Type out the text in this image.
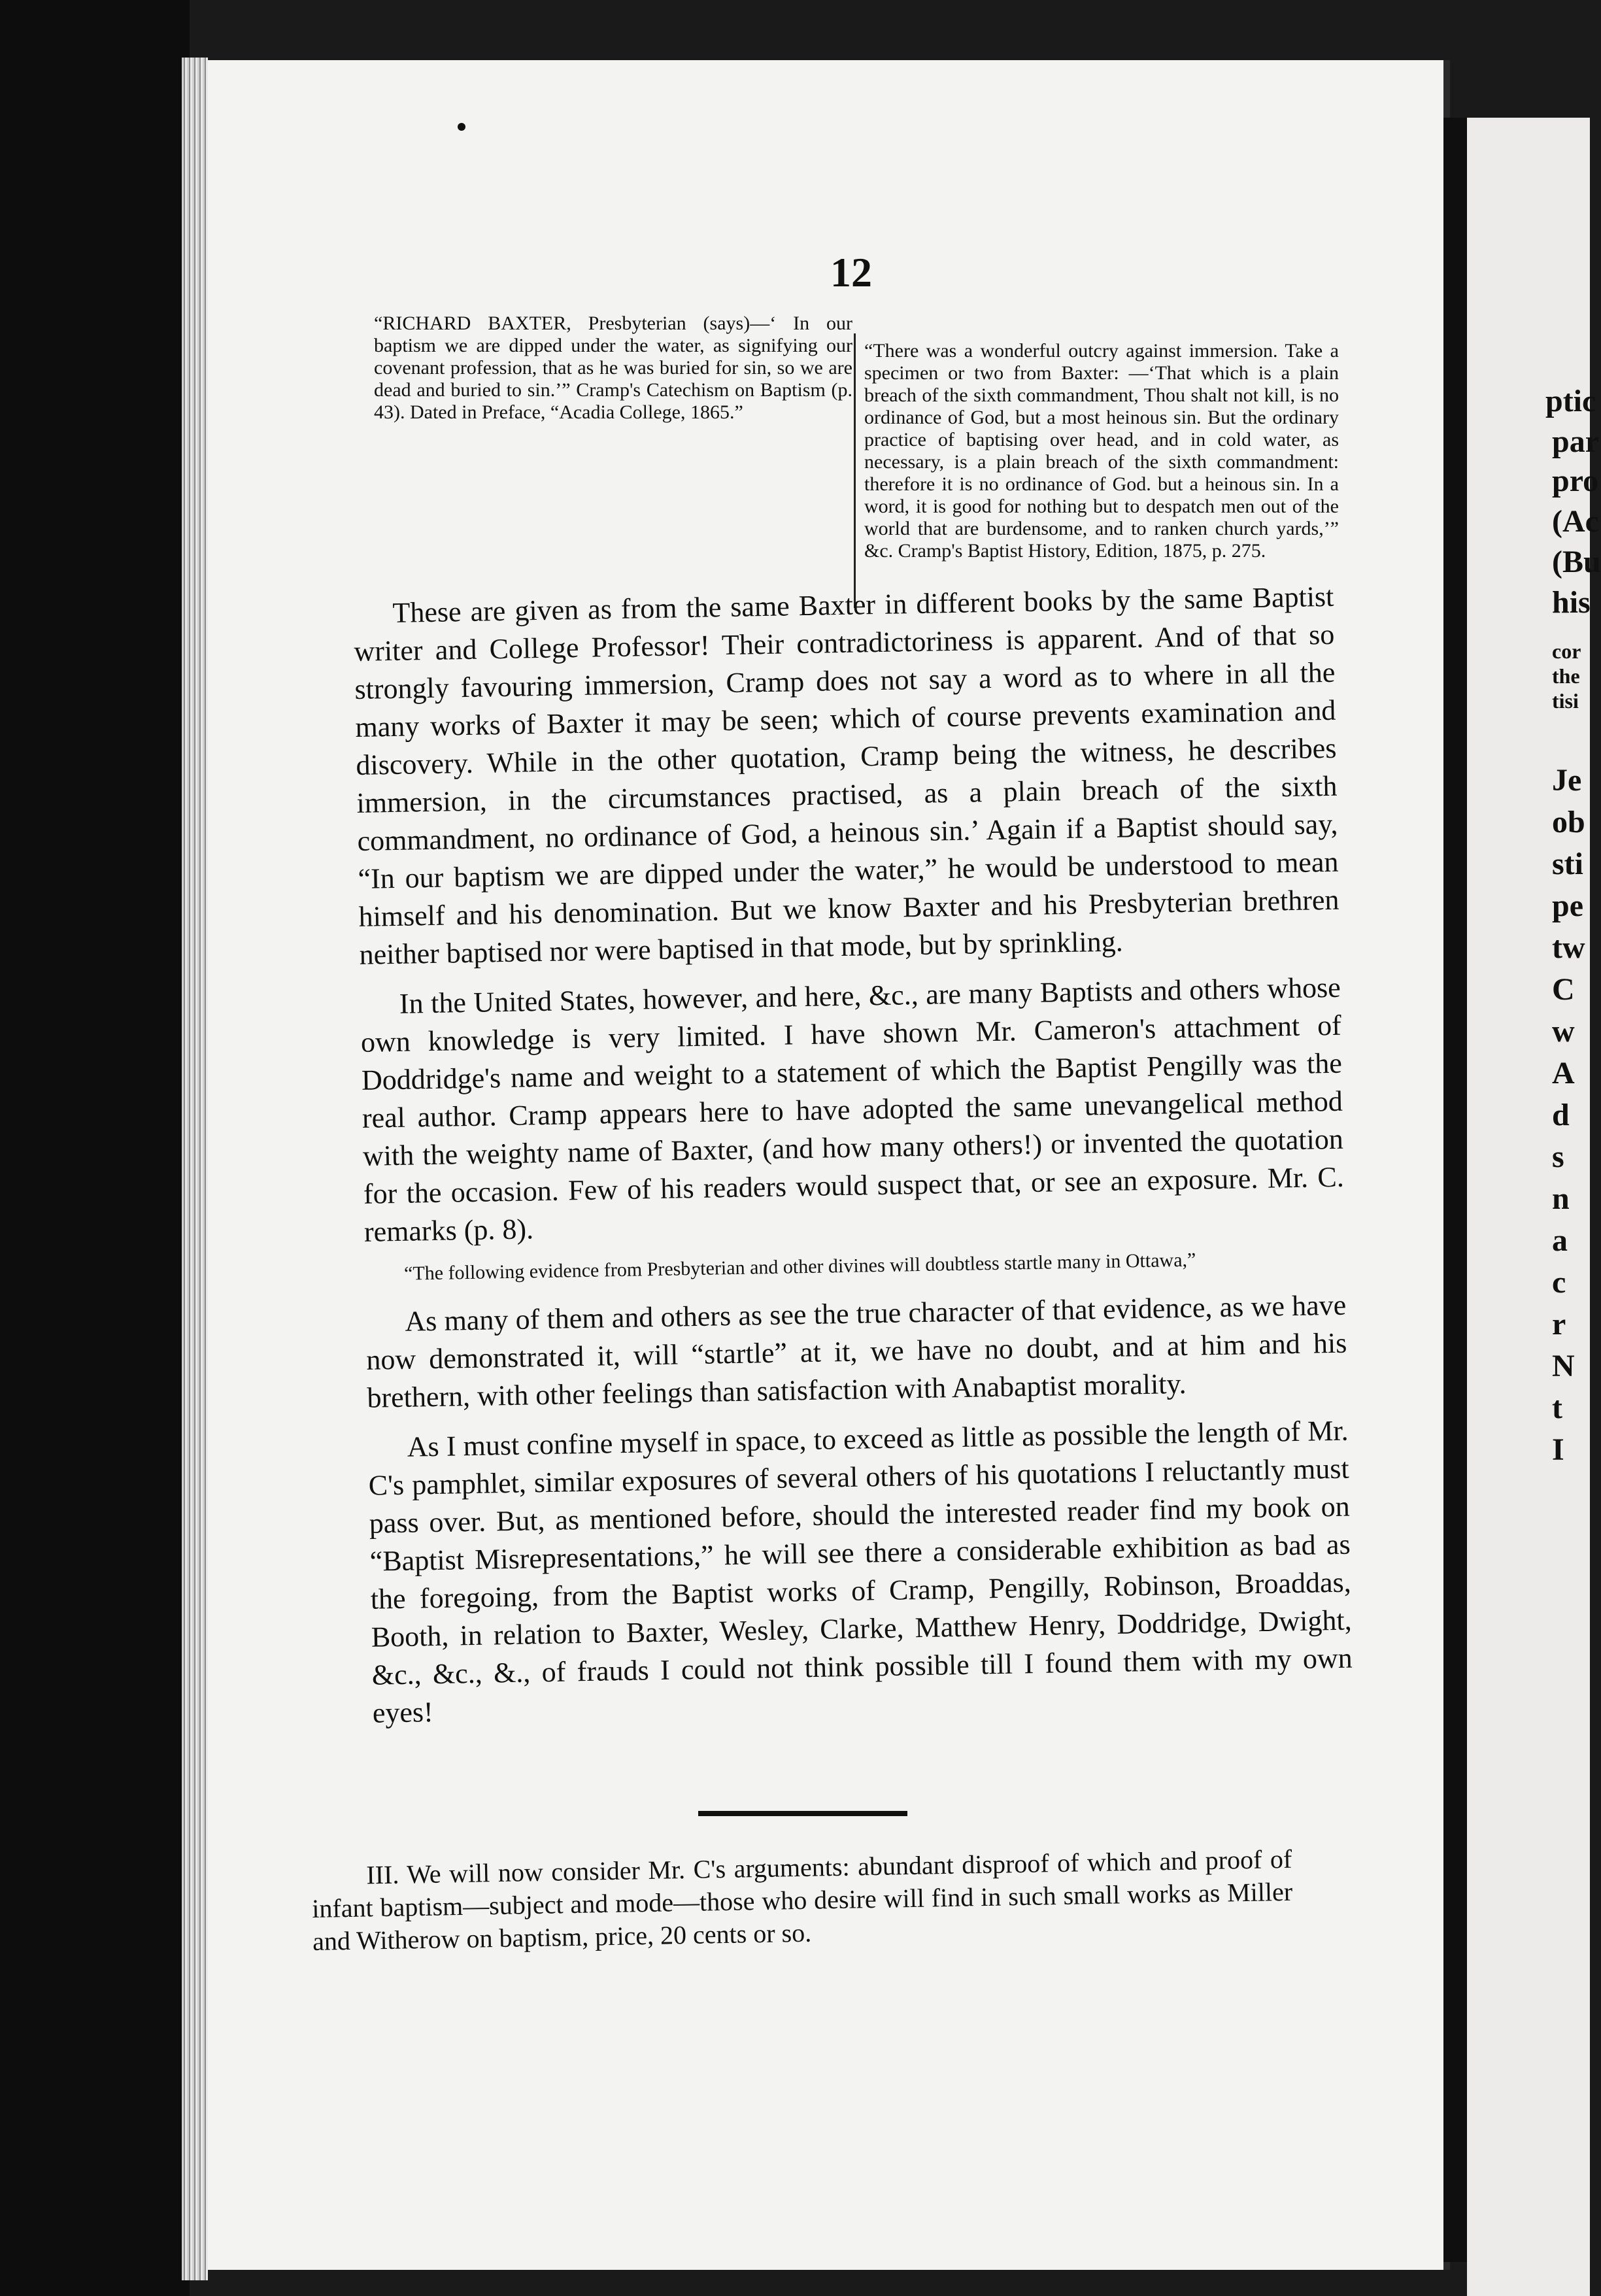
12
“RICHARD BAXTER, Presbyterian (says)—‘ In our baptism we are dipped under the water, as signifying our covenant profession, that as he was buried for sin, so we are dead and buried to sin.’” Cramp's Catechism on Baptism (p. 43). Dated in Preface, “Acadia College, 1865.”
“There was a wonderful outcry against immersion. Take a specimen or two from Baxter: —‘That which is a plain breach of the sixth commandment, Thou shalt not kill, is no ordinance of God, but a most heinous sin. But the ordinary practice of baptising over head, and in cold water, as necessary, is a plain breach of the sixth commandment: therefore it is no ordinance of God. but a heinous sin. In a word, it is good for nothing but to despatch men out of the world that are burdensome, and to ranken church yards,’” &c. Cramp's Baptist History, Edition, 1875, p. 275.

These are given as from the same Baxter in different books by the same Baptist writer and College Professor! Their contradictoriness is apparent. And of that so strongly favouring immersion, Cramp does not say a word as to where in all the many works of Baxter it may be seen; which of course prevents examination and discovery. While in the other quotation, Cramp being the witness, he describes immersion, in the circumstances practised, as a plain breach of the sixth commandment, no ordinance of God, a heinous sin.’ Again if a Baptist should say, “In our baptism we are dipped under the water,” he would be understood to mean himself and his denomination. But we know Baxter and his Presbyterian brethren neither baptised nor were baptised in that mode, but by sprinkling.

In the United States, however, and here, &c., are many Baptists and others whose own knowledge is very limited. I have shown Mr. Cameron's attachment of Doddridge's name and weight to a statement of which the Baptist Pengilly was the real author. Cramp appears here to have adopted the same unevangelical method with the weighty name of Baxter, (and how many others!) or invented the quotation for the occasion. Few of his readers would suspect that, or see an exposure. Mr. C. remarks (p. 8).

“The following evidence from Presbyterian and other divines will doubtless startle many in Ottawa,”

As many of them and others as see the true character of that evidence, as we have now demonstrated it, will “startle” at it, we have no doubt, and at him and his brethern, with other feelings than satisfaction with Anabaptist morality.

As I must confine myself in space, to exceed as little as possible the length of Mr. C's pamphlet, similar exposures of several others of his quotations I reluctantly must pass over. But, as mentioned before, should the interested reader find my book on “Baptist Misrepresentations,” he will see there a considerable exhibition as bad as the foregoing, from the Baptist works of Cramp, Pengilly, Robinson, Broaddas, Booth, in relation to Baxter, Wesley, Clarke, Matthew Henry, Doddridge, Dwight, &c., &c., &., of frauds I could not think possible till I found them with my own eyes!

III. We will now consider Mr. C's arguments: abundant disproof of which and proof of infant baptism—subject and mode—those who desire will find in such small works as Miller and Witherow on baptism, price, 20 cents or so.

ptic
par
pro
(Ac
(Bu
his
cor
the
tisi
Je
ob
sti
pe
tw
C
w
A
d
s
n
a
c
r
N
t
I
